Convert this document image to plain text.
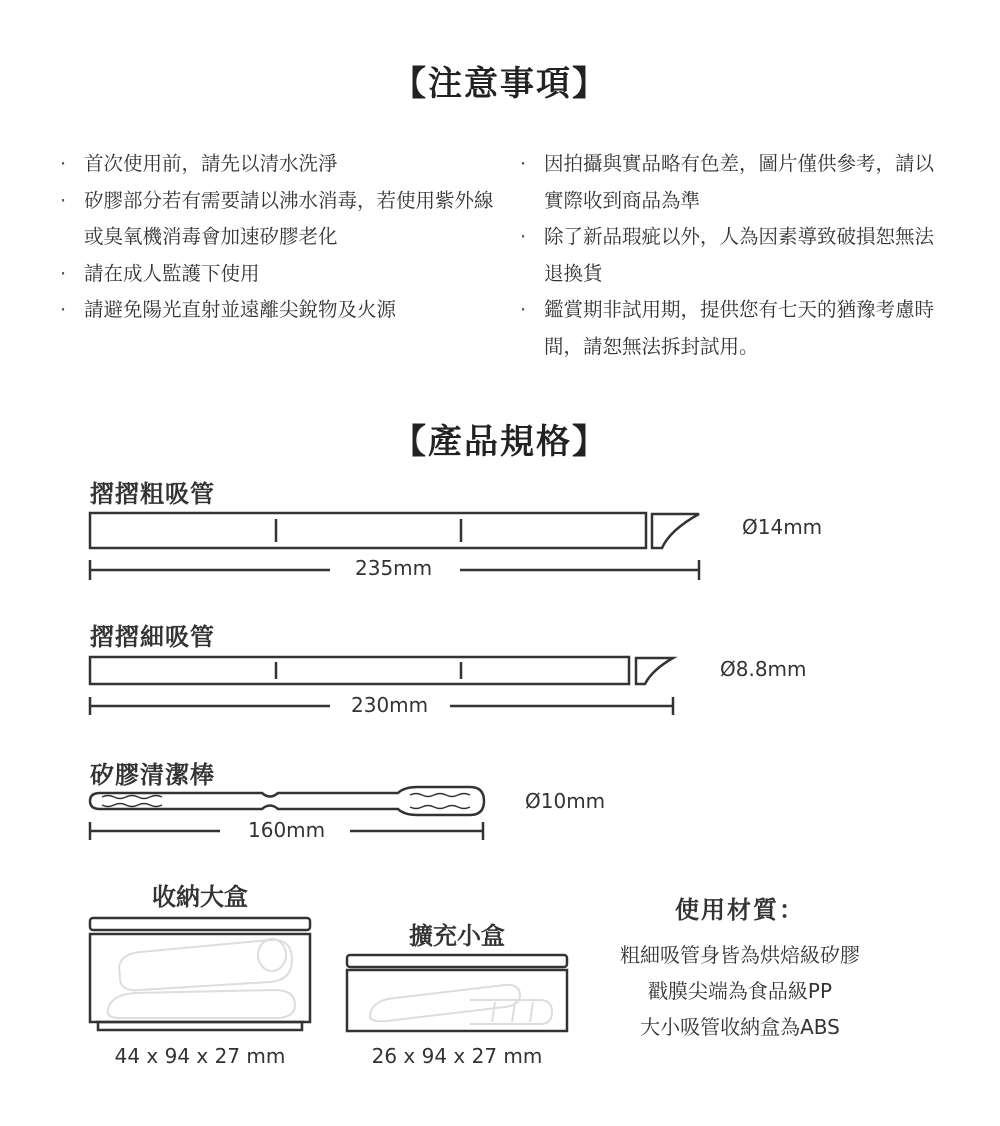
【注意事項】
【產品規格】
· 首次使用前，請先以清水洗淨
· 矽膠部分若有需要請以沸水消毒，若使用紫外線或臭氧機消毒會加速矽膠老化
· 請在成人監護下使用
· 請避免陽光直射並遠離尖銳物及火源
· 因拍攝與實品略有色差，圖片僅供參考，請以實際收到商品為準
· 除了新品瑕疵以外，人為因素導致破損恕無法退換貨
· 鑑賞期非試用期，提供您有七天的猶豫考慮時間，請恕無法拆封試用。
摺摺粗吸管
Ø14mm
235mm
摺摺細吸管
Ø8.8mm
230mm
矽膠清潔棒
Ø10mm
160mm
收納大盒
44 x 94 x 27 mm
擴充小盒
26 x 94 x 27 mm
使用材質：
粗細吸管身皆為烘焙級矽膠
戳膜尖端為食品級PP
大小吸管收納盒為ABS
